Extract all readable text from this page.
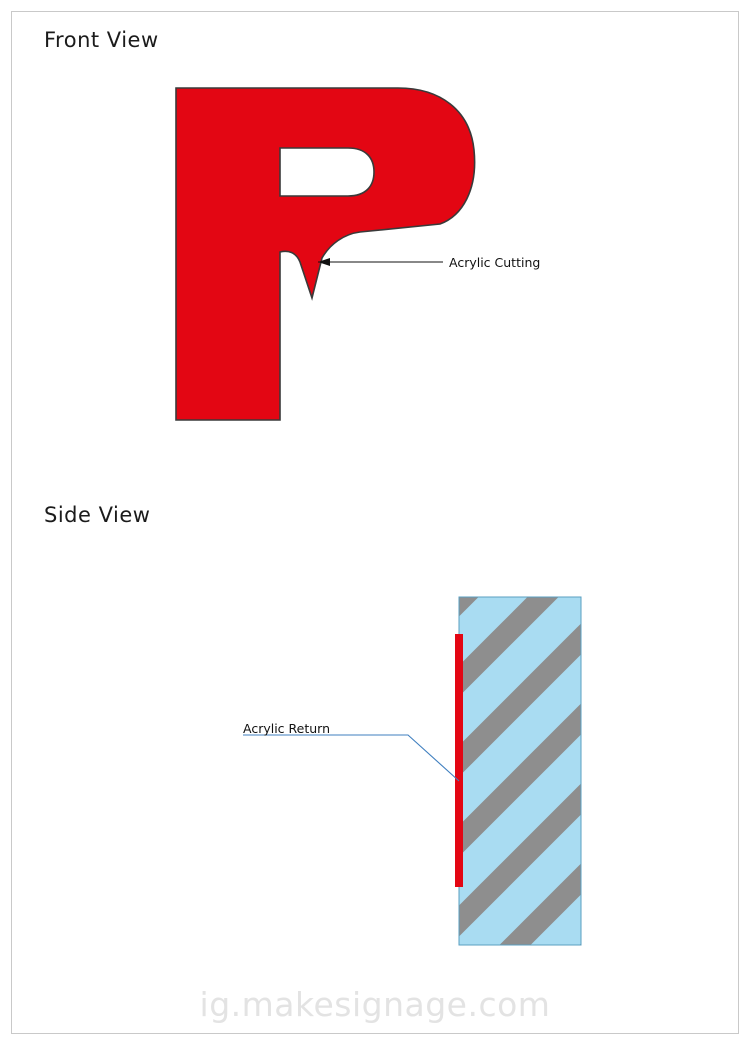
Front View
Side View
Acrylic Cutting
Acrylic Return
ig.makesignage.com
